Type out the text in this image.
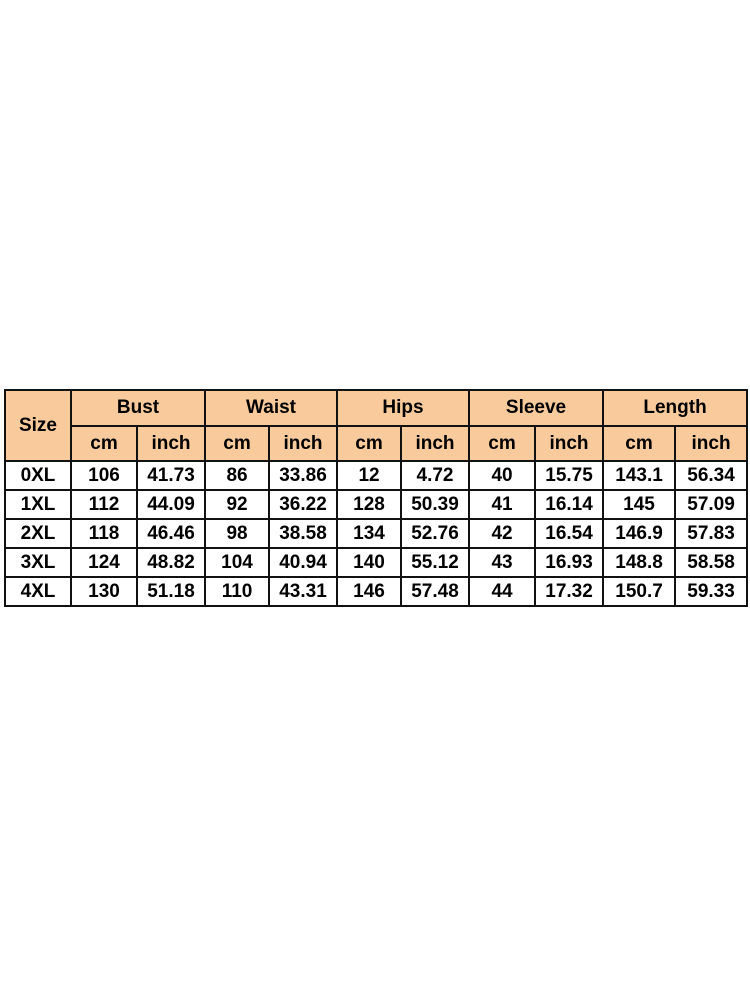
Size	Bust		Waist		Hips		Sleeve		Length	
	cm	inch	cm	inch	cm	inch	cm	inch	cm	inch
0XL	106	41.73	86	33.86	12	4.72	40	15.75	143.1	56.34
1XL	112	44.09	92	36.22	128	50.39	41	16.14	145	57.09
2XL	118	46.46	98	38.58	134	52.76	42	16.54	146.9	57.83
3XL	124	48.82	104	40.94	140	55.12	43	16.93	148.8	58.58
4XL	130	51.18	110	43.31	146	57.48	44	17.32	150.7	59.33
